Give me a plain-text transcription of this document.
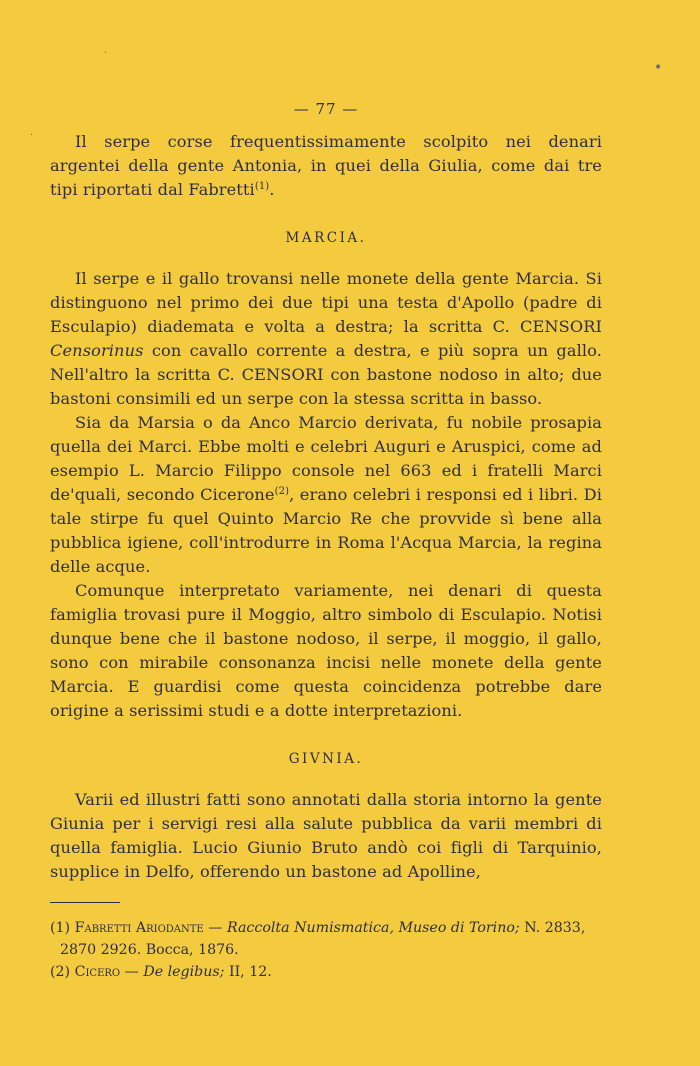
·
•
·

— 77 —

Il serpe corse frequentissimamente scolpito nei denari argentei della gente Antonia, in quei della Giulia, come dai tre tipi riportati dal Fabretti$^{(1)}$.

MARCIA.

Il serpe e il gallo trovansi nelle monete della gente Marcia. Si distinguono nel primo dei due tipi una testa d'Apollo (padre di Esculapio) diademata e volta a destra; la scritta C. CENSORI Censorinus con cavallo corrente a destra, e più sopra un gallo. Nell'altro la scritta C. CENSORI con bastone nodoso in alto; due bastoni consimili ed un serpe con la stessa scritta in basso.

Sia da Marsia o da Anco Marcio derivata, fu nobile prosapia quella dei Marci. Ebbe molti e celebri Auguri e Aruspici, come ad esempio L. Marcio Filippo console nel 663 ed i fratelli Marci de'quali, secondo Cicerone$^{(2)}$, erano celebri i responsi ed i libri. Di tale stirpe fu quel Quinto Marcio Re che provvide sì bene alla pubblica igiene, coll'introdurre in Roma l'Acqua Marcia, la regina delle acque.

Comunque interpretato variamente, nei denari di questa famiglia trovasi pure il Moggio, altro simbolo di Esculapio. Notisi dunque bene che il bastone nodoso, il serpe, il moggio, il gallo, sono con mirabile consonanza incisi nelle monete della gente Marcia. E guardisi come questa coincidenza potrebbe dare origine a serissimi studi e a dotte interpretazioni.

GIVNIA.

Varii ed illustri fatti sono annotati dalla storia intorno la gente Giunia per i servigi resi alla salute pubblica da varii membri di quella famiglia. Lucio Giunio Bruto andò coi figli di Tarquinio, supplice in Delfo, offerendo un bastone ad Apolline,

(1) Fabretti Ariodante — Raccolta Numismatica, Museo di Torino; N. 2833, 2870 2926. Bocca, 1876.

(2) Cicero — De legibus; II, 12.
